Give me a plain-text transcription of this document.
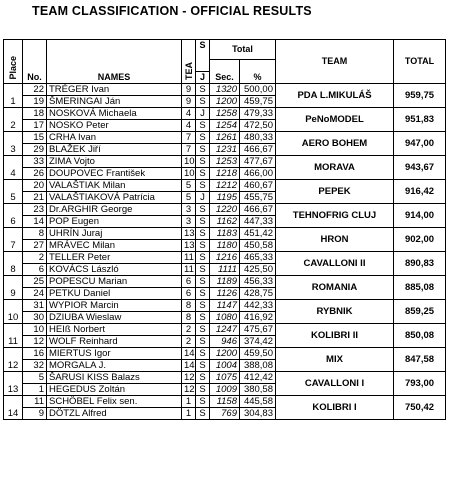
TEAM CLASSIFICATION - OFFICIAL RESULTS
Place	No.	NAMES	TEA	S	Total		TEAM	TOTAL
					Sec.	%		
				J				
1	22	TRÉGER Ivan	9	S	1320	500,00	PDA L.MIKULÁŠ	959,75
	19	ŠMERINGAI Ján	9	S	1200	459,75		
2	18	NOSKOVÁ Michaela	4	J	1258	479,33	PeNoMODEL	951,83
	17	NOSKO Peter	4	S	1254	472,50		
3	15	CRHA Ivan	7	S	1261	480,33	AERO BOHEM	947,00
	29	BLAŽEK Jiří	7	S	1231	466,67		
4	33	ZIMA Vojto	10	S	1253	477,67	MORAVA	943,67
	26	DOUPOVEC František	10	S	1218	466,00		
5	20	VALAŠTIAK Milan	5	S	1212	460,67	PEPEK	916,42
	21	VALAŠTIAKOVÁ Patrícia	5	J	1195	455,75		
6	23	Dr.ARGHIR George	3	S	1220	466,67	TEHNOFRIG CLUJ	914,00
	14	POP Eugen	3	S	1162	447,33		
7	8	UHRÍN Juraj	13	S	1183	451,42	HRON	902,00
	27	MRÁVEC Milan	13	S	1180	450,58		
8	2	TELLER Peter	11	S	1216	465,33	CAVALLONI II	890,83
	6	KOVÁCS László	11	S	1111	425,50		
9	25	POPESCU Marian	6	S	1189	456,33	ROMANIA	885,08
	24	PETKU Daniel	6	S	1126	428,75		
10	31	WYPIOR Marcin	8	S	1147	442,33	RYBNIK	859,25
	30	DZIUBA Wieslaw	8	S	1080	416,92		
11	10	HEIß Norbert	2	S	1247	475,67	KOLIBRI II	850,08
	12	WOLF Reinhard	2	S	946	374,42		
12	16	MIERTUS Igor	14	S	1200	459,50	MIX	847,58
	32	MORGALA J.	14	S	1004	388,08		
13	5	ŠARUSI KISS Balazs	12	S	1075	412,42	CAVALLONI I	793,00
	1	HEGEDUS Zoltán	12	S	1009	380,58		
14	11	SCHÖBEL Felix sen.	1	S	1158	445,58	KOLIBRI I	750,42
	9	DÖTZL Alfred	1	S	769	304,83		
